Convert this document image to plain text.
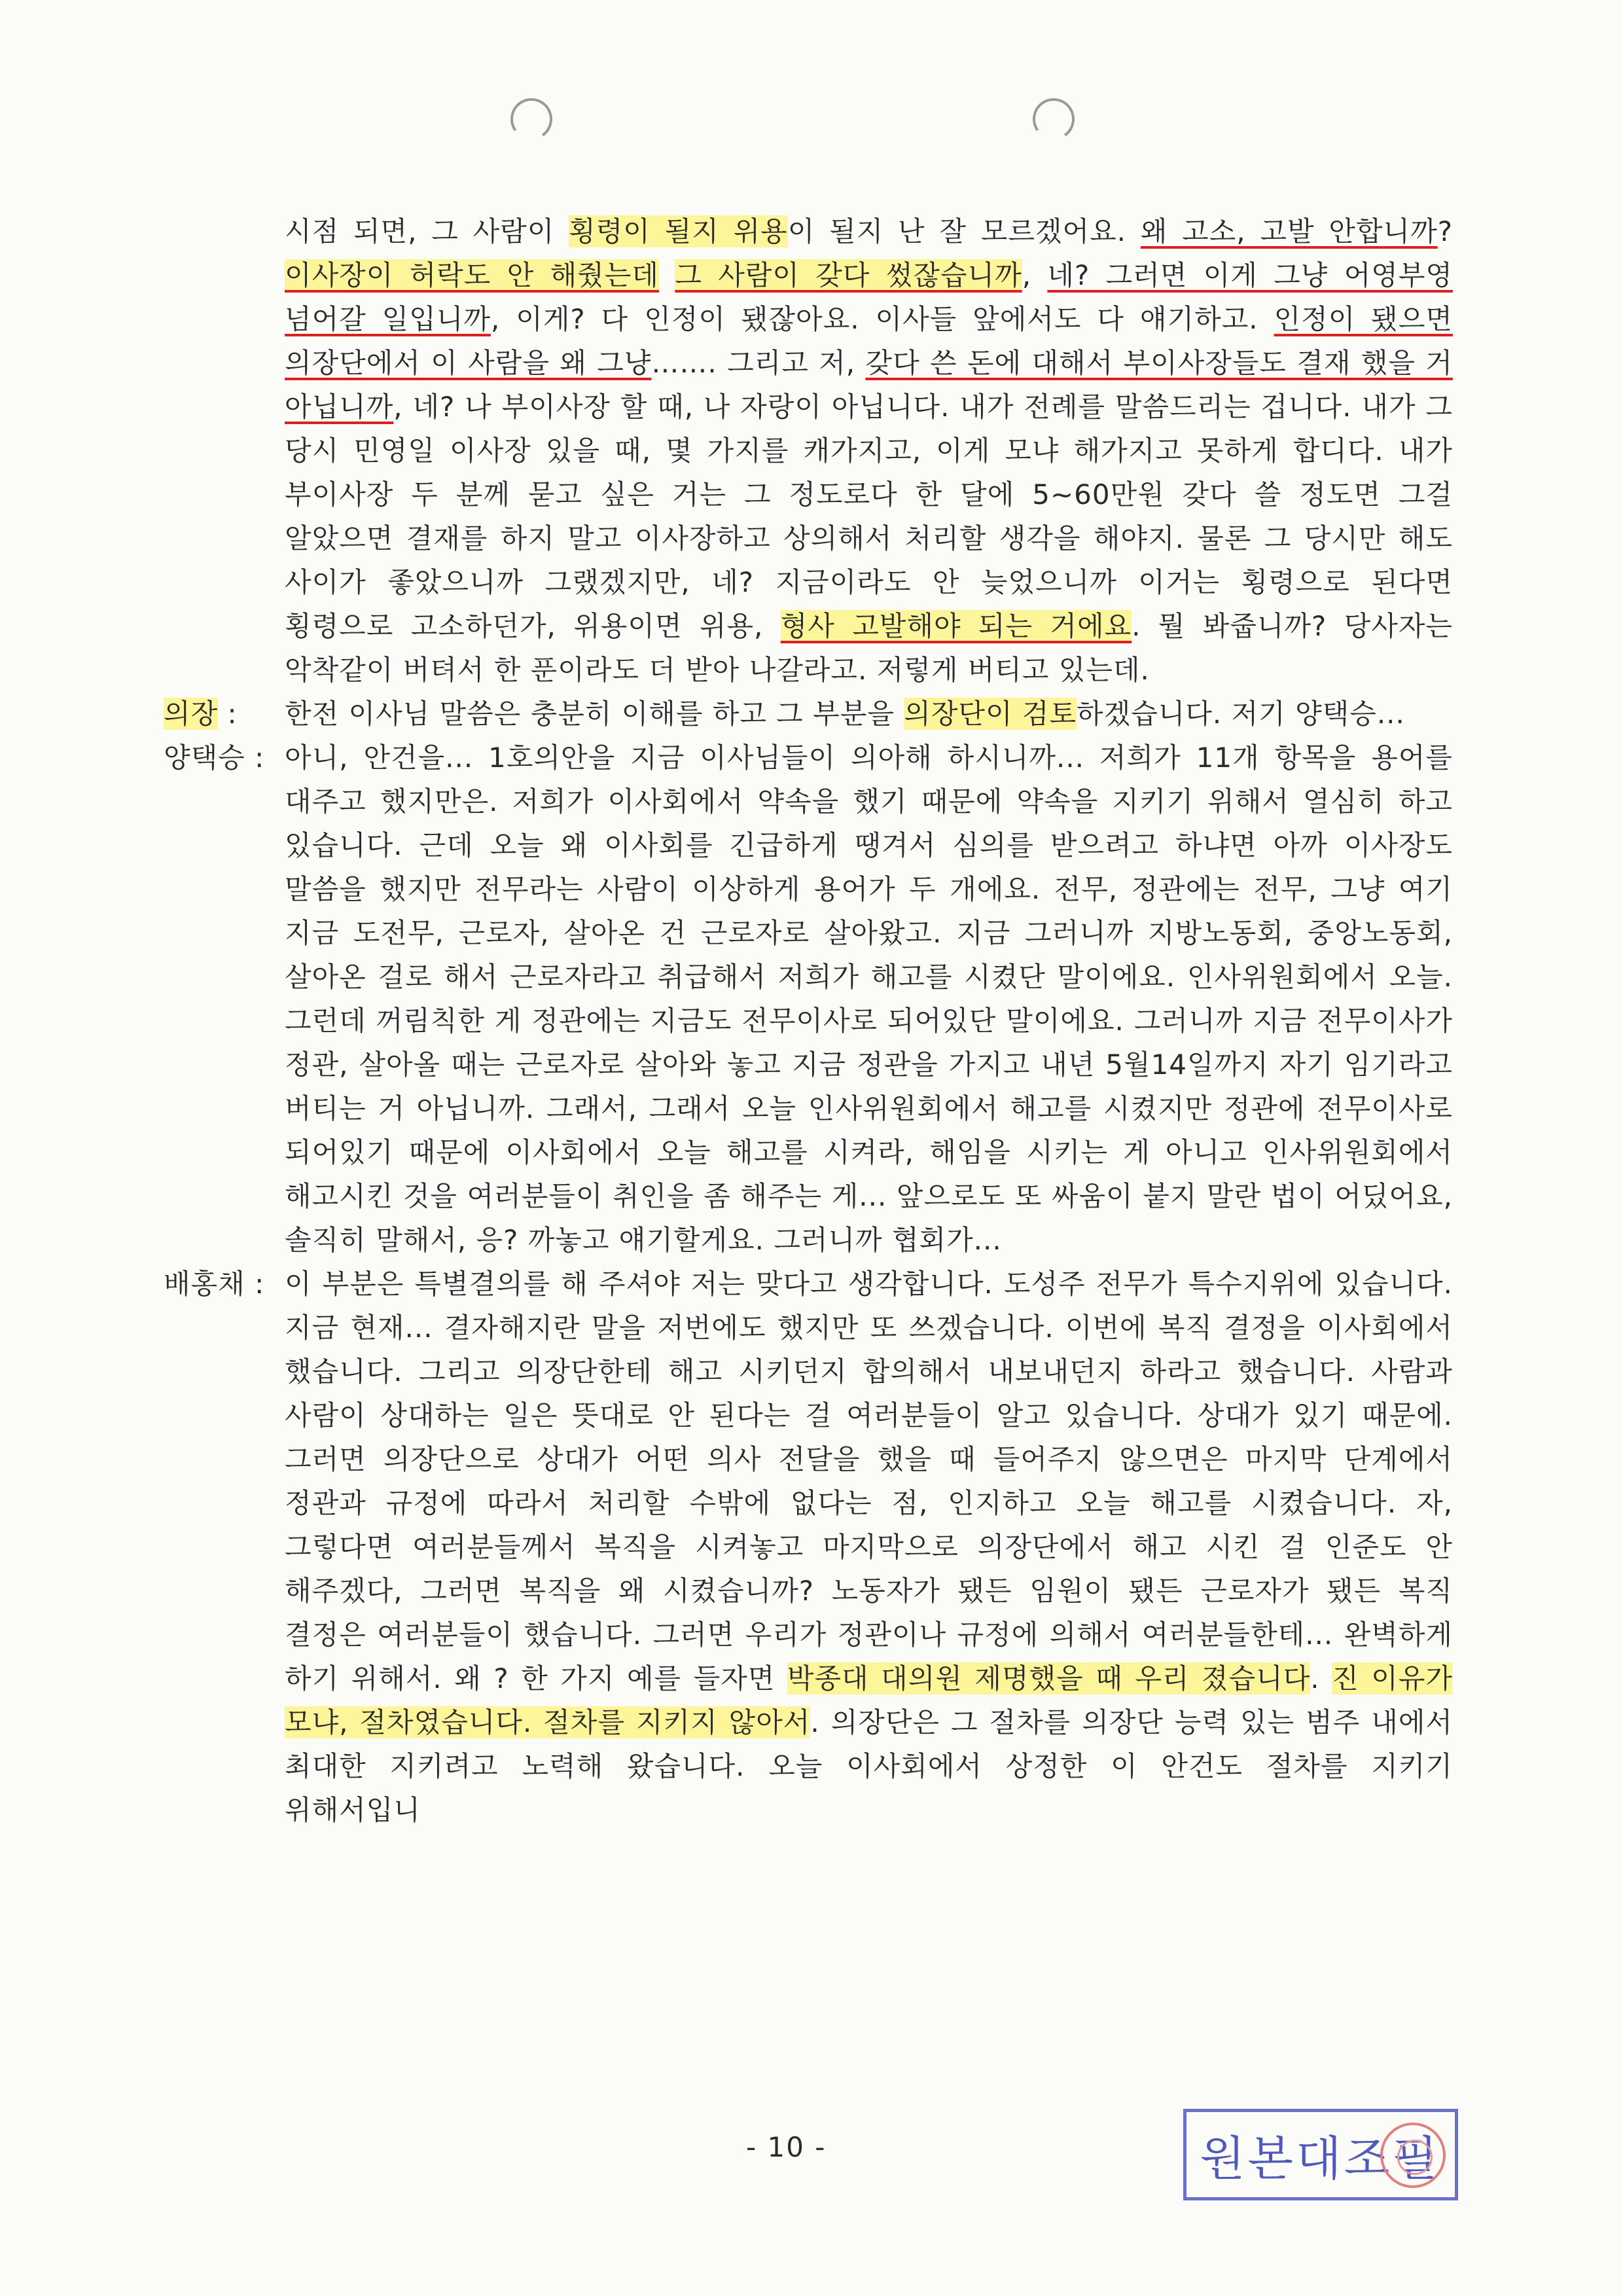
시점 되면, 그 사람이 횡령이 될지 위용이 될지 난 잘 모르겠어요. 왜 고소, 고발 안합니까? 이사장이 허락도 안 해줬는데 그 사람이 갖다 썼잖습니까, 네? 그러면 이게 그냥 어영부영 넘어갈 일입니까, 이게? 다 인정이 됐잖아요. 이사들 앞에서도 다 얘기하고. 인정이 됐으면 의장단에서 이 사람을 왜 그냥……. 그리고 저, 갖다 쓴 돈에 대해서 부이사장들도 결재 했을 거 아닙니까, 네? 나 부이사장 할 때, 나 자랑이 아닙니다. 내가 전례를 말씀드리는 겁니다. 내가 그 당시 민영일 이사장 있을 때, 몇 가지를 캐가지고, 이게 모냐 해가지고 못하게 합디다. 내가 부이사장 두 분께 묻고 싶은 거는 그 정도로다 한 달에 5~60만원 갖다 쓸 정도면 그걸 알았으면 결재를 하지 말고 이사장하고 상의해서 처리할 생각을 해야지. 물론 그 당시만 해도 사이가 좋았으니까 그랬겠지만, 네? 지금이라도 안 늦었으니까 이거는 횡령으로 된다면 횡령으로 고소하던가, 위용이면 위용, 형사 고발해야 되는 거에요. 뭘 봐줍니까? 당사자는 악착같이 버텨서 한 푼이라도 더 받아 나갈라고. 저렇게 버티고 있는데.
의장 :	한전 이사님 말씀은 충분히 이해를 하고 그 부분을 의장단이 검토하겠습니다. 저기 양택승...
양택승 : 아니, 안건을... 1호의안을 지금 이사님들이 의아해 하시니까... 저희가 11개 항목을 용어를 대주고 했지만은. 저희가 이사회에서 약속을 했기 때문에 약속을 지키기 위해서 열심히 하고 있습니다. 근데 오늘 왜 이사회를 긴급하게 땡겨서 심의를 받으려고 하냐면 아까 이사장도 말씀을 했지만 전무라는 사람이 이상하게 용어가 두 개에요. 전무, 정관에는 전무, 그냥 여기 지금 도전무, 근로자, 살아온 건 근로자로 살아왔고. 지금 그러니까 지방노동회, 중앙노동회, 살아온 걸로 해서 근로자라고 취급해서 저희가 해고를 시켰단 말이에요. 인사위원회에서 오늘. 그런데 꺼림칙한 게 정관에는 지금도 전무이사로 되어있단 말이에요. 그러니까 지금 전무이사가 정관, 살아올 때는 근로자로 살아와 놓고 지금 정관을 가지고 내년 5월14일까지 자기 임기라고 버티는 거 아닙니까. 그래서, 그래서 오늘 인사위원회에서 해고를 시켰지만 정관에 전무이사로 되어있기 때문에 이사회에서 오늘 해고를 시켜라, 해임을 시키는 게 아니고 인사위원회에서 해고시킨 것을 여러분들이 취인을 좀 해주는 게... 앞으로도 또 싸움이 붙지 말란 법이 어딨어요, 솔직히 말해서, 응? 까놓고 얘기할게요. 그러니까 협회가...
배홍채 : 이 부분은 특별결의를 해 주셔야 저는 맞다고 생각합니다. 도성주 전무가 특수지위에 있습니다. 지금 현재... 결자해지란 말을 저번에도 했지만 또 쓰겠습니다. 이번에 복직 결정을 이사회에서 했습니다. 그리고 의장단한테 해고 시키던지 합의해서 내보내던지 하라고 했습니다. 사람과 사람이 상대하는 일은 뜻대로 안 된다는 걸 여러분들이 알고 있습니다. 상대가 있기 때문에. 그러면 의장단으로 상대가 어떤 의사 전달을 했을 때 들어주지 않으면은 마지막 단계에서 정관과 규정에 따라서 처리할 수밖에 없다는 점, 인지하고 오늘 해고를 시켰습니다. 자, 그렇다면 여러분들께서 복직을 시켜놓고 마지막으로 의장단에서 해고 시킨 걸 인준도 안 해주겠다, 그러면 복직을 왜 시켰습니까? 노동자가 됐든 임원이 됐든 근로자가 됐든 복직 결정은 여러분들이 했습니다. 그러면 우리가 정관이나 규정에 의해서 여러분들한테... 완벽하게 하기 위해서. 왜 ? 한 가지 예를 들자면 박종대 대의원 제명했을 때 우리 졌습니다. 진 이유가 모냐, 절차였습니다. 절차를 지키지 않아서. 의장단은 그 절차를 의장단 능력 있는 범주 내에서 최대한 지키려고 노력해 왔습니다. 오늘 이사회에서 상정한 이 안건도 절차를 지키기 위해서입니
- 10 -	원본대조필
